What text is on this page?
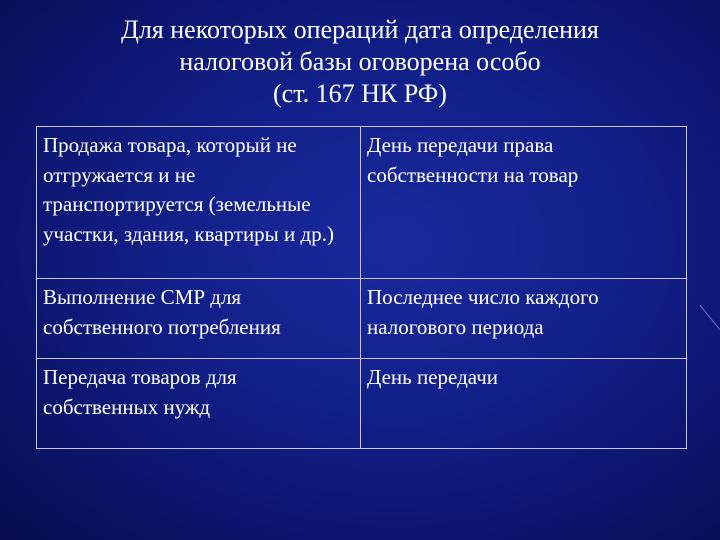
Для некоторых операций дата определения
налоговой базы оговорена особо
(ст. 167 НК РФ)
Продажа товара, который не отгружается и не транспортируется (земельные участки, здания, квартиры и др.)	День передачи права собственности на товар
Выполнение СМР для собственного потребления	Последнее число каждого налогового периода
Передача товаров для собственных нужд	День передачи
